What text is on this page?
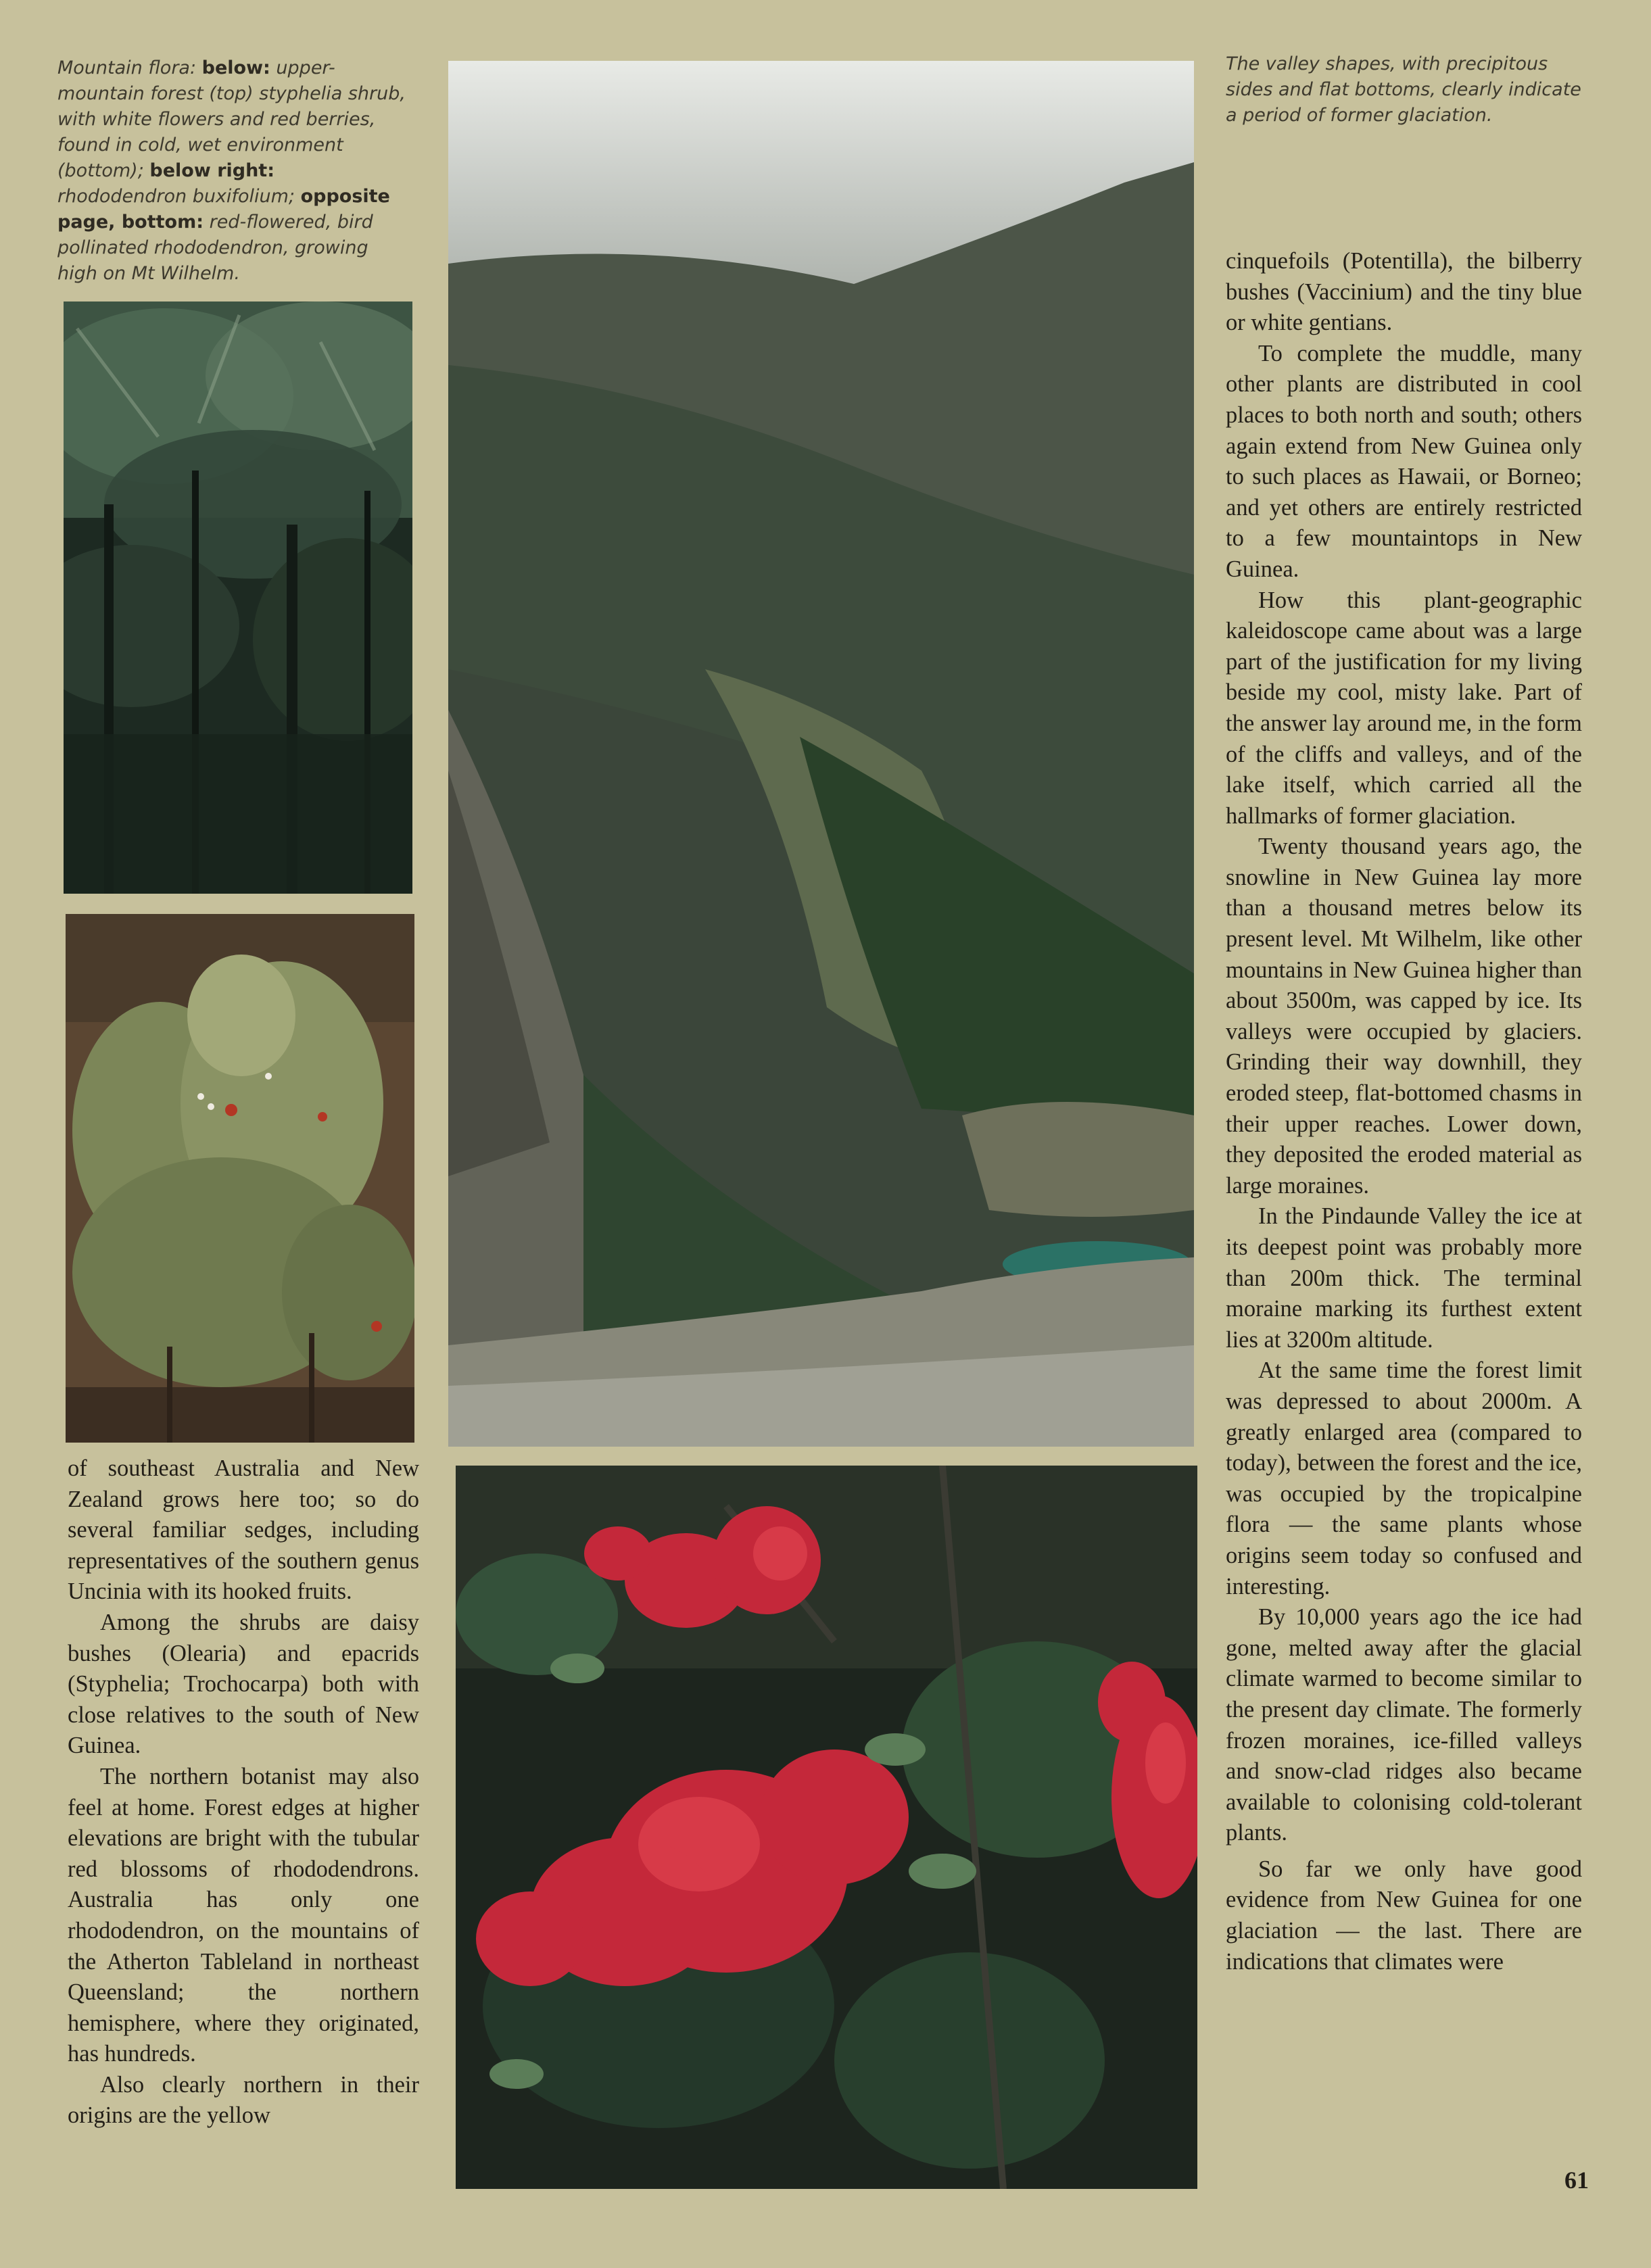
Mountain flora: below: upper-mountain forest (top) styphelia shrub, with white flowers and red berries, found in cold, wet environment (bottom); below right: rhododendron buxifolium; opposite page, bottom: red-flowered, bird pollinated rhododendron, growing high on Mt Wilhelm.

The valley shapes, with precipitous sides and flat bottoms, clearly indicate a period of former glaciation.

of southeast Australia and New Zealand grows here too; so do several familiar sedges, including representatives of the southern genus Uncinia with its hooked fruits.

Among the shrubs are daisy bushes (Olearia) and epacrids (Styphelia; Trochocarpa) both with close relatives to the south of New Guinea.

The northern botanist may also feel at home. Forest edges at higher elevations are bright with the tubular red blossoms of rhododendrons. Australia has only one rhododendron, on the mountains of the Atherton Tableland in northeast Queensland; the northern hemisphere, where they originated, has hundreds.

Also clearly northern in their origins are the yellow

cinquefoils (Potentilla), the bilberry bushes (Vaccinium) and the tiny blue or white gentians.

To complete the muddle, many other plants are distributed in cool places to both north and south; others again extend from New Guinea only to such places as Hawaii, or Borneo; and yet others are entirely restricted to a few mountaintops in New Guinea.

How this plant-geographic kaleidoscope came about was a large part of the justification for my living beside my cool, misty lake. Part of the answer lay around me, in the form of the cliffs and valleys, and of the lake itself, which carried all the hallmarks of former glaciation.

Twenty thousand years ago, the snowline in New Guinea lay more than a thousand metres below its present level. Mt Wilhelm, like other mountains in New Guinea higher than about 3500m, was capped by ice. Its valleys were occupied by glaciers. Grinding their way downhill, they eroded steep, flat-bottomed chasms in their upper reaches. Lower down, they deposited the eroded material as large moraines.

In the Pindaunde Valley the ice at its deepest point was probably more than 200m thick. The terminal moraine marking its furthest extent lies at 3200m altitude.

At the same time the forest limit was depressed to about 2000m. A greatly enlarged area (compared to today), between the forest and the ice, was occupied by the tropicalpine flora — the same plants whose origins seem today so confused and interesting.

By 10,000 years ago the ice had gone, melted away after the glacial climate warmed to become similar to the present day climate. The formerly frozen moraines, ice-filled valleys and snow-clad ridges also became available to colonising cold-tolerant plants.

So far we only have good evidence from New Guinea for one glaciation — the last. There are indications that climates were

61
